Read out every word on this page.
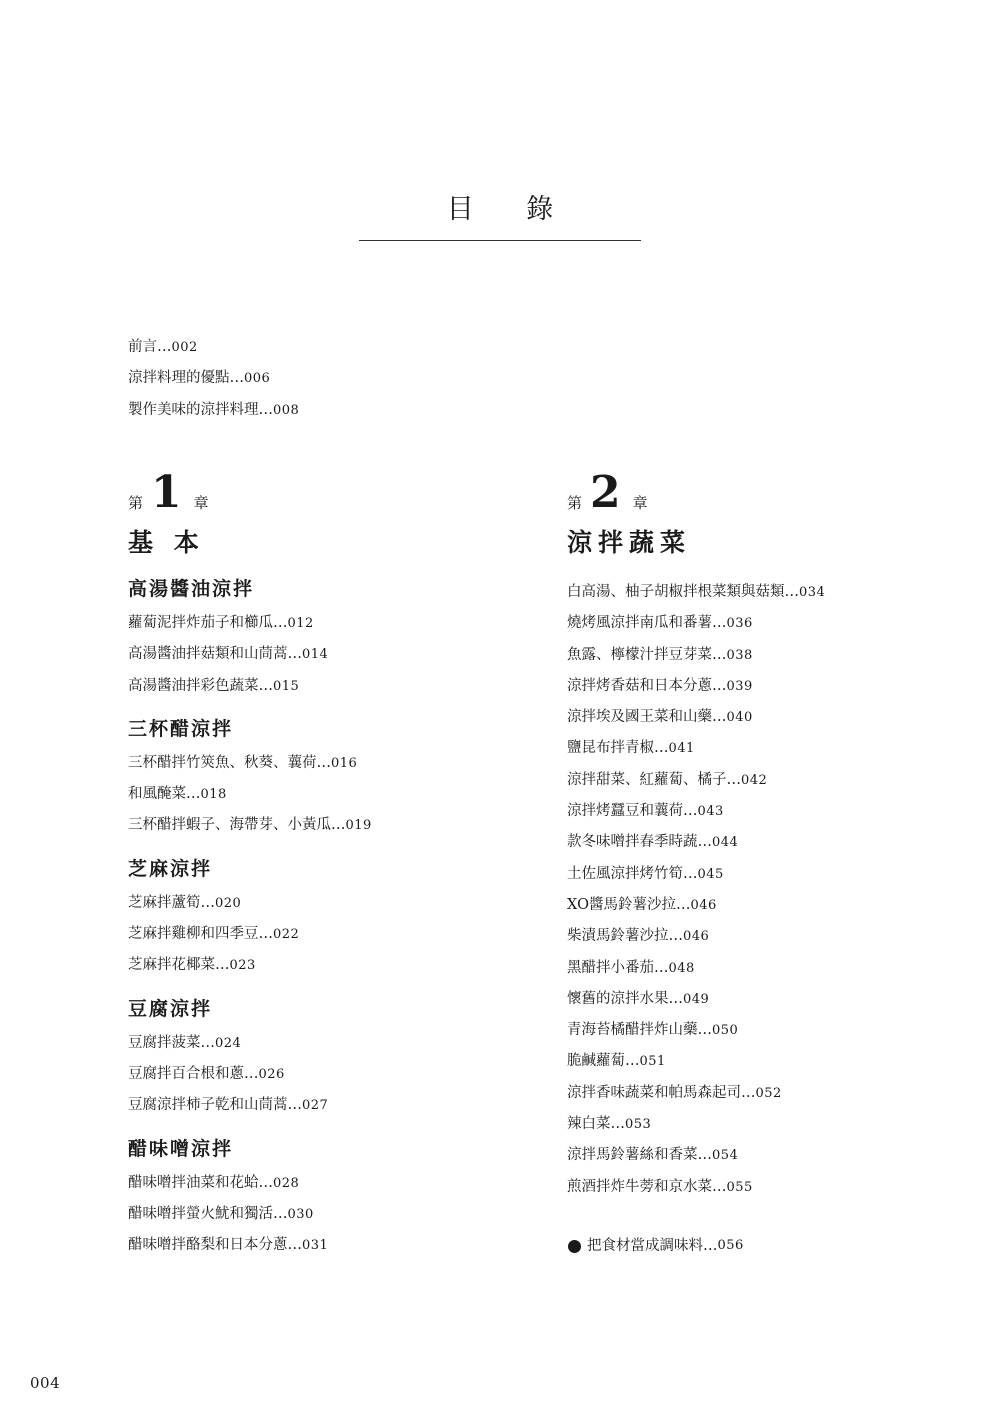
目 錄
前言…002
涼拌料理的優點…006
製作美味的涼拌料理…008
第 1 章
基 本
高湯醬油涼拌
蘿蔔泥拌炸茄子和櫛瓜…012
高湯醬油拌菇類和山茼蒿…014
高湯醬油拌彩色蔬菜…015
三杯醋涼拌
三杯醋拌竹筴魚、秋葵、蘘荷…016
和風醃菜…018
三杯醋拌蝦子、海帶芽、小黃瓜…019
芝麻涼拌
芝麻拌蘆筍…020
芝麻拌雞柳和四季豆…022
芝麻拌花椰菜…023
豆腐涼拌
豆腐拌菠菜…024
豆腐拌百合根和蔥…026
豆腐涼拌柿子乾和山茼蒿…027
醋味噌涼拌
醋味噌拌油菜和花蛤…028
醋味噌拌螢火魷和獨活…030
醋味噌拌酪梨和日本分蔥…031
第 2 章
涼拌蔬菜
白高湯、柚子胡椒拌根菜類與菇類…034
燒烤風涼拌南瓜和番薯…036
魚露、檸檬汁拌豆芽菜…038
涼拌烤香菇和日本分蔥…039
涼拌埃及國王菜和山藥…040
鹽昆布拌青椒…041
涼拌甜菜、紅蘿蔔、橘子…042
涼拌烤蠶豆和蘘荷…043
款冬味噌拌春季時蔬…044
土佐風涼拌烤竹筍…045
XO醬馬鈴薯沙拉…046
柴漬馬鈴薯沙拉…046
黑醋拌小番茄…048
懷舊的涼拌水果…049
青海苔橘醋拌炸山藥…050
脆鹹蘿蔔…051
涼拌香味蔬菜和帕馬森起司…052
辣白菜…053
涼拌馬鈴薯絲和香菜…054
煎酒拌炸牛蒡和京水菜…055
把食材當成調味料… 056
004
